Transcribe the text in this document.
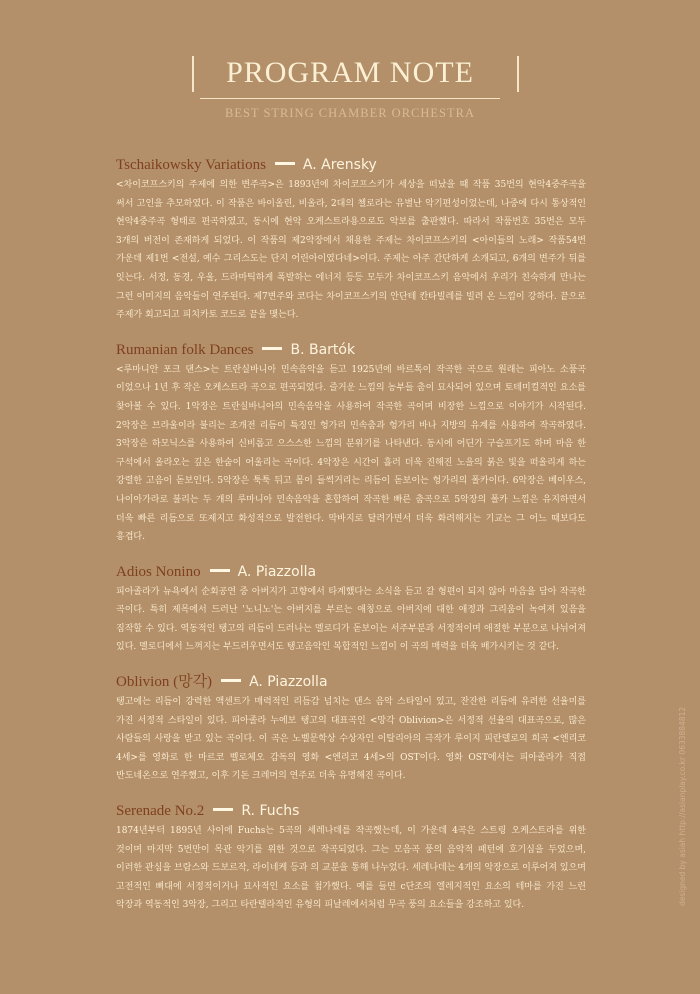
PROGRAM NOTE
BEST STRING CHAMBER ORCHESTRA
Tschaikowsky Variations	A. Arensky
<차이코프스키의 주제에 의한 변주곡>은 1893년에 차이코프스키가 세상을 떠났을 때 작품 35번의 현악4중주곡을 써서 고인을 추모하였다. 이 작품은 바이올린, 비올라, 2대의 첼로라는 유별난 악기편성이었는데, 나중에 다시 통상적인 현악4중주곡 형태로 편곡하였고, 동시에 현악 오케스트라용으로도 악보를 출판했다. 따라서 작품번호 35번은 모두 3개의 버전이 존재하게 되었다. 이 작품의 제2악장에서 채용한 주제는 차이코프스키의 <아이들의 노래> 작품54번 가운데 제1번 <전설, 예수 그리스도는 단지 어린아이였다네>이다. 주제는 아주 간단하게 소개되고, 6개의 변주가 뒤를 잇는다. 서정, 동경, 우울, 드라마틱하게 폭발하는 에너지 등등 모두가 차이코프스키 음악에서 우리가 친숙하게 만나는 그런 이미지의 음악들이 연주된다. 제7변주와 코다는 차이코프스키의 안단테 칸타빌레를 빌려 온 느낌이 강하다. 끝으로 주제가 회고되고 피치카토 코드로 끝을 맺는다.
Rumanian folk Dances	B. Bartók
<루마니안 포크 댄스>는 트란실바니아 민속음악을 듣고 1925년에 바르톡이 작곡한 곡으로 원래는 피아노 소품곡 이었으나 1년 후 작은 오케스트라 곡으로 편곡되었다. 즐거운 느낌의 농부들 춤이 묘사되어 있으며 토테미컬적인 요소를 찾아볼 수 있다. 1악장은 트란실바니아의 민속음악을 사용하여 작곡한 곡이며 비장한 느낌으로 이야기가 시작된다. 2악장은 브라울이라 불리는 조개전 리듬이 특징인 헝가리 민속춤과 헝가리 바나 지방의 유계를 사용하여 작곡하였다. 3악장은 하모닉스를 사용하여 신비롭고 으스스한 느낌의 분위기를 나타낸다. 동시에 어딘가 구슬프기도 하며 마음 한 구석에서 올라오는 깊은 한숨이 어울리는 곡이다. 4악장은 시간이 흘러 더욱 진해진 노을의 붉은 빛을 떠올리게 하는 강렬한 고음이 돋보인다. 5악장은 툭툭 뒤고 몸이 들썩거리는 리듬이 돋보이는 헝가리의 폴카이다. 6악장은 베이우스, 나이아가라로 불리는 두 개의 루마니아 민속음악을 혼합하여 작곡한 빠른 춤곡으로 5악장의 폴카 느낌은 유지하면서 더욱 빠른 리듬으로 또제지고 화성적으로 발전한다. 막바지로 달려가면서 더욱 화려해지는 기교는 그 어느 때보다도 흥겹다.
Adios Nonino	A. Piazzolla
피아졸라가 뉴욕에서 순회공연 중 아버지가 고향에서 타계했다는 소식을 듣고 갈 형편이 되지 않아 마음을 담아 작곡한 곡이다. 특히 제목에서 드러난 '노니노'는 아버지를 부르는 애칭으로 아버지에 대한 애정과 그리움이 녹여져 있음을 짐작할 수 있다. 역동적인 탱고의 리듬이 드러나는 멜로디가 돋보이는 서주부분과 서정적이며 애절한 부분으로 나뉘어져 있다. 멜로디에서 느껴지는 부드러우면서도 탱고음악인 복합적인 느낌이 이 곡의 매력을 더욱 배가시키는 것 같다.
Oblivion (망각)	A. Piazzolla
탱고에는 리듬이 강력한 액센트가 매력적인 리듬감 넘치는 댄스 음악 스타일이 있고, 잔잔한 리듬에 유려한 선율미를 가진 서정적 스타일이 있다. 피아졸라 누에보 탱고의 대표곡인 <망각 Oblivion>은 서정적 선율의 대표곡으로, 많은 사람들의 사랑을 받고 있는 곡이다. 이 곡은 노벨문학상 수상자인 이탈리아의 극작가 루이지 피란델로의 희곡 <엔리코 4세>를 영화로 한 마르코 벨로체오 감독의 영화 <엔리코 4세>의 OST이다. 영화 OST에서는 피아졸라가 직접 반도네온으로 연주했고, 이후 기돈 크레머의 연주로 더욱 유명해진 곡이다.
Serenade No.2	R. Fuchs
1874년부터 1895년 사이에 Fuchs는 5곡의 세레나데를 작곡했는데, 이 가운데 4곡은 스트링 오케스트라를 위한 것이며 마지막 5번만이 목관 악기를 위한 것으로 작곡되었다. 그는 모음곡 풍의 음악적 패턴에 호기심을 두었으며, 이러한 관심을 브람스와 드보르작, 라이네케 등과 의 교분을 통해 나누었다. 세레나데는 4개의 악장으로 이루어져 있으며 고전적인 뼈대에 서정적이거나 묘사적인 요소를 첨가했다. 예를 들면 c단조의 엘레지적인 요소의 테마를 가진 느린 악장과 역동적인 3악장, 그리고 타란텔라적인 유형의 피날레에서처럼 무곡 풍의 요소들을 강조하고 있다.	designed by asiah http://asianplay.co.kr 0633884812
